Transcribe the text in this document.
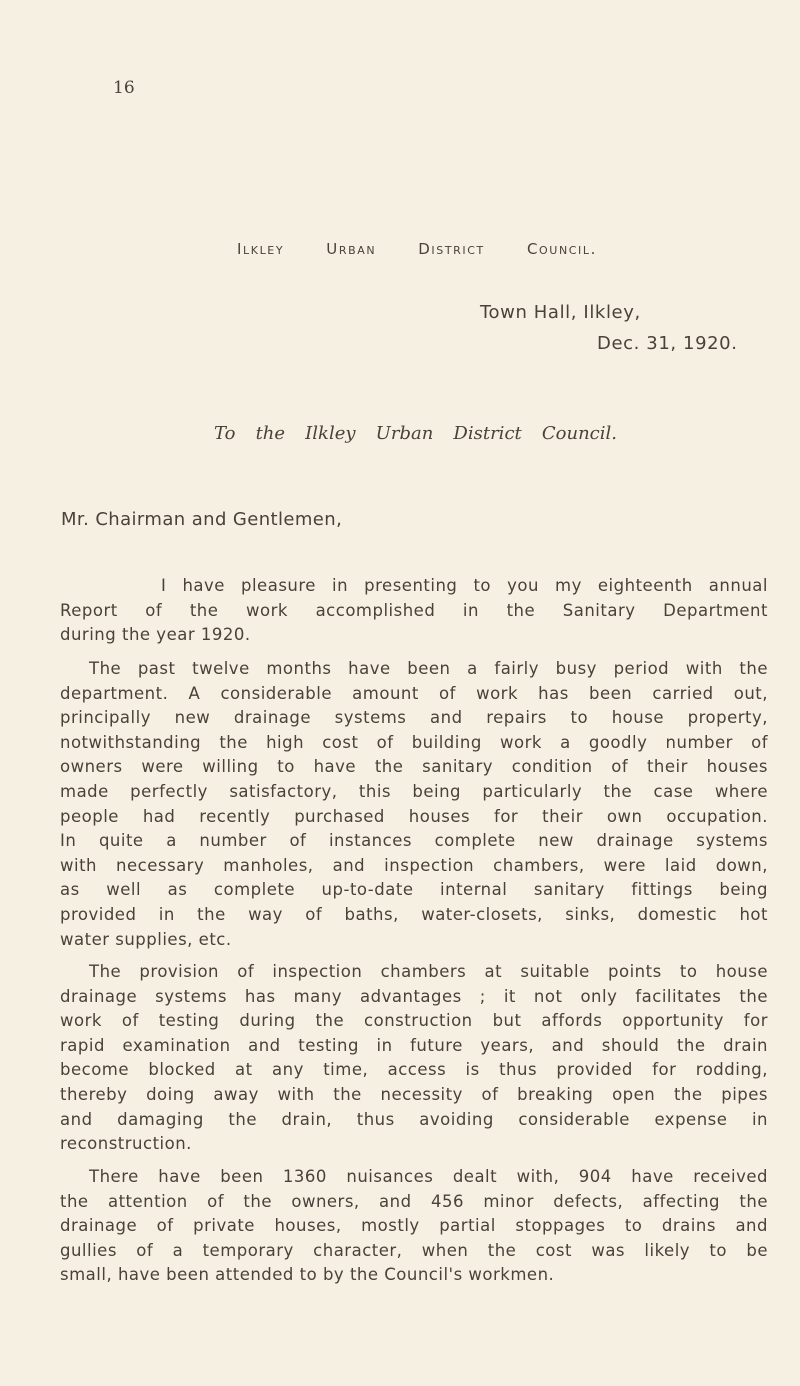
16
Ilkley Urban District Council.
Town Hall, Ilkley,
Dec. 31, 1920.
To the Ilkley Urban District Council.
Mr. Chairman and Gentlemen,
I have pleasure in presenting to you my eighteenth annual
Report of the work accomplished in the Sanitary Department
during the year 1920.
The past twelve months have been a fairly busy period with the
department. A considerable amount of work has been carried out,
principally new drainage systems and repairs to house property,
notwithstanding the high cost of building work a goodly number of
owners were willing to have the sanitary condition of their houses
made perfectly satisfactory, this being particularly the case where
people had recently purchased houses for their own occupation.
In quite a number of instances complete new drainage systems
with necessary manholes, and inspection chambers, were laid down,
as well as complete up-to-date internal sanitary fittings being
provided in the way of baths, water-closets, sinks, domestic hot
water supplies, etc.
The provision of inspection chambers at suitable points to house
drainage systems has many advantages ; it not only facilitates the
work of testing during the construction but affords opportunity for
rapid examination and testing in future years, and should the drain
become blocked at any time, access is thus provided for rodding,
thereby doing away with the necessity of breaking open the pipes
and damaging the drain, thus avoiding considerable expense in
reconstruction.
There have been 1360 nuisances dealt with, 904 have received
the attention of the owners, and 456 minor defects, affecting the
drainage of private houses, mostly partial stoppages to drains and
gullies of a temporary character, when the cost was likely to be
small, have been attended to by the Council's workmen.
